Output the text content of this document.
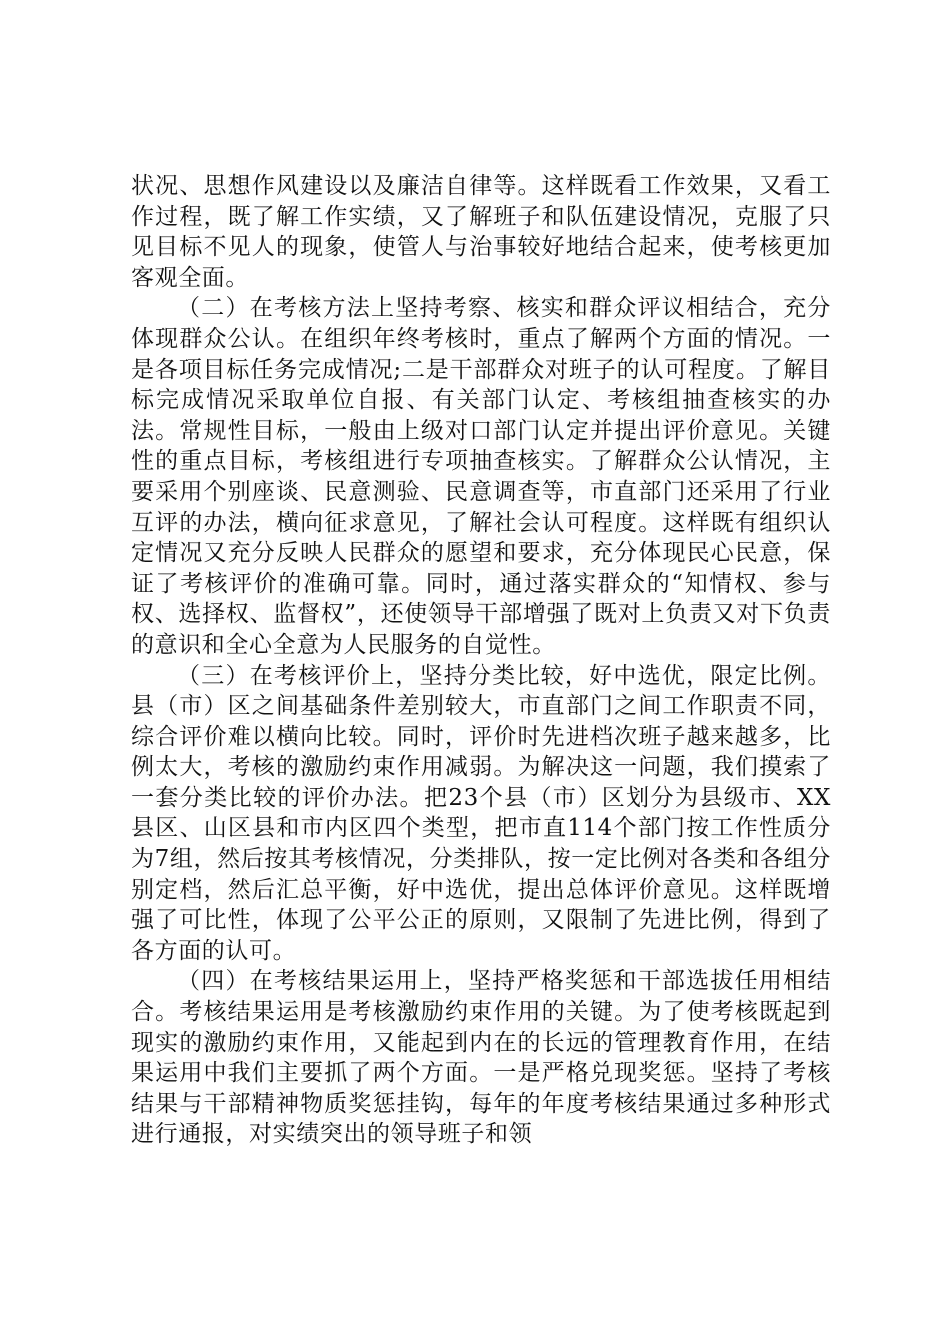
状况、思想作风建设以及廉洁自律等。这样既看工作效果，又看工作过程，既了解工作实绩，又了解班子和队伍建设情况，克服了只见目标不见人的现象，使管人与治事较好地结合起来，使考核更加客观全面。

（二）在考核方法上坚持考察、核实和群众评议相结合，充分体现群众公认。在组织年终考核时，重点了解两个方面的情况。一是各项目标任务完成情况;二是干部群众对班子的认可程度。了解目标完成情况采取单位自报、有关部门认定、考核组抽查核实的办法。常规性目标，一般由上级对口部门认定并提出评价意见。关键性的重点目标，考核组进行专项抽查核实。了解群众公认情况，主要采用个别座谈、民意测验、民意调查等，市直部门还采用了行业互评的办法，横向征求意见，了解社会认可程度。这样既有组织认定情况又充分反映人民群众的愿望和要求，充分体现民心民意，保证了考核评价的准确可靠。同时，通过落实群众的“知情权、参与权、选择权、监督权”，还使领导干部增强了既对上负责又对下负责的意识和全心全意为人民服务的自觉性。

（三）在考核评价上，坚持分类比较，好中选优，限定比例。县（市）区之间基础条件差别较大，市直部门之间工作职责不同，综合评价难以横向比较。同时，评价时先进档次班子越来越多，比例太大，考核的激励约束作用减弱。为解决这一问题，我们摸索了一套分类比较的评价办法。把23个县（市）区划分为县级市、XX县区、山区县和市内区四个类型，把市直114个部门按工作性质分为7组，然后按其考核情况，分类排队，按一定比例对各类和各组分别定档，然后汇总平衡，好中选优，提出总体评价意见。这样既增强了可比性，体现了公平公正的原则，又限制了先进比例，得到了各方面的认可。

（四）在考核结果运用上，坚持严格奖惩和干部选拔任用相结合。考核结果运用是考核激励约束作用的关键。为了使考核既起到现实的激励约束作用，又能起到内在的长远的管理教育作用，在结果运用中我们主要抓了两个方面。一是严格兑现奖惩。坚持了考核结果与干部精神物质奖惩挂钩，每年的年度考核结果通过多种形式进行通报，对实绩突出的领导班子和领
